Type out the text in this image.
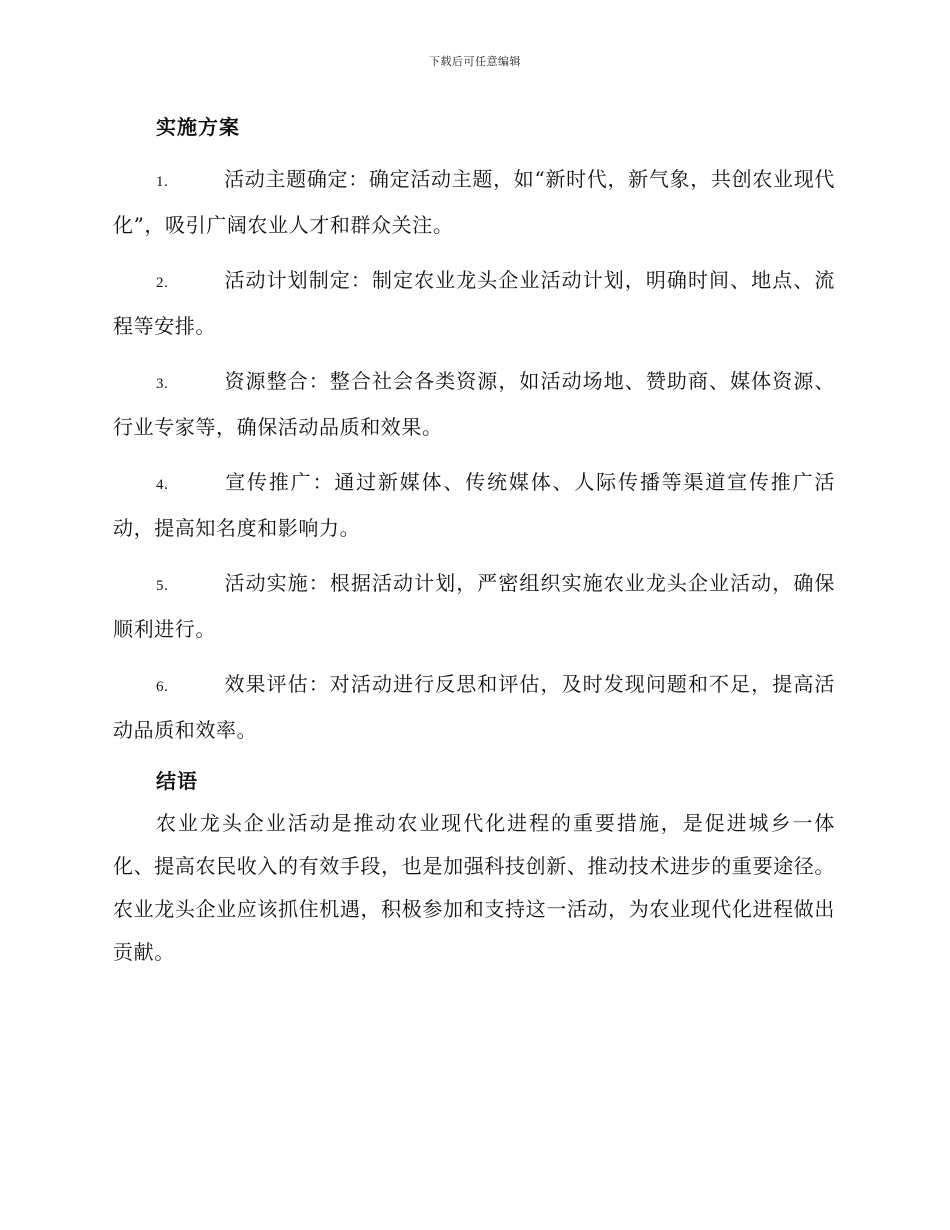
下载后可任意编辑
实施方案
1.	活动主题确定：确定活动主题，如“新时代，新气象，共创农业现代化”，吸引广阔农业人才和群众关注。
2.	活动计划制定：制定农业龙头企业活动计划，明确时间、地点、流程等安排。
3.	资源整合：整合社会各类资源，如活动场地、赞助商、媒体资源、行业专家等，确保活动品质和效果。
4.	宣传推广：通过新媒体、传统媒体、人际传播等渠道宣传推广活动，提高知名度和影响力。
5.	活动实施：根据活动计划，严密组织实施农业龙头企业活动，确保顺利进行。
6.	效果评估：对活动进行反思和评估，及时发现问题和不足，提高活动品质和效率。
结语
农业龙头企业活动是推动农业现代化进程的重要措施，是促进城乡一体化、提高农民收入的有效手段，也是加强科技创新、推动技术进步的重要途径。农业龙头企业应该抓住机遇，积极参加和支持这一活动，为农业现代化进程做出贡献。
